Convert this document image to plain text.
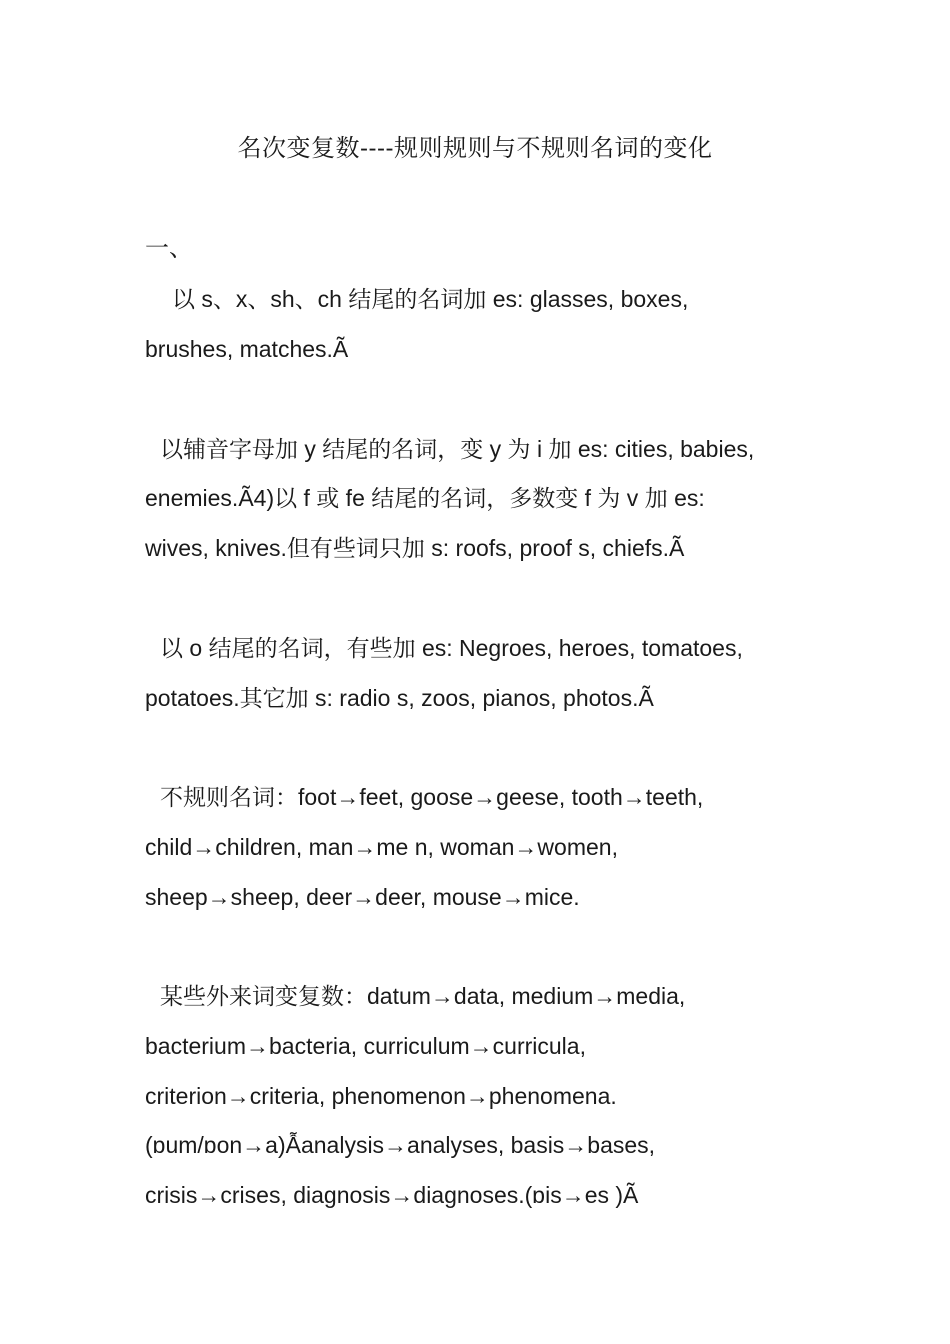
名次变复数----规则规则与不规则名词的变化
一、
以 s、x、sh、ch 结尾的名词加 es: glasses, boxes,
brushes, matches.Ã
以辅音字母加 y 结尾的名词，变 y 为 i 加 es: cities, babies,
enemies.Ã4)以 f 或 fe 结尾的名词，多数变 f 为 v 加 es:
wives, knives.但有些词只加 s: roofs, proof s, chiefs.Ã
以 o 结尾的名词，有些加 es: Negroes, heroes, tomatoes,
potatoes.其它加 s: radio s, zoos, pianos, photos.Ã
不规则名词：foot→feet, goose→geese, tooth→teeth,
child→children, man→me n, woman→women,
sheep→sheep, deer→deer, mouse→mice.
某些外来词变复数：datum→data, medium→media,
bacterium→bacteria, curriculum→curricula,
criterion→criteria, phenomenon→phenomena.
(ɒum/ɒon→a)Ẫanalysis→analyses, basis→bases,
crisis→crises, diagnosis→diagnoses.(ɒis→es )Ã
